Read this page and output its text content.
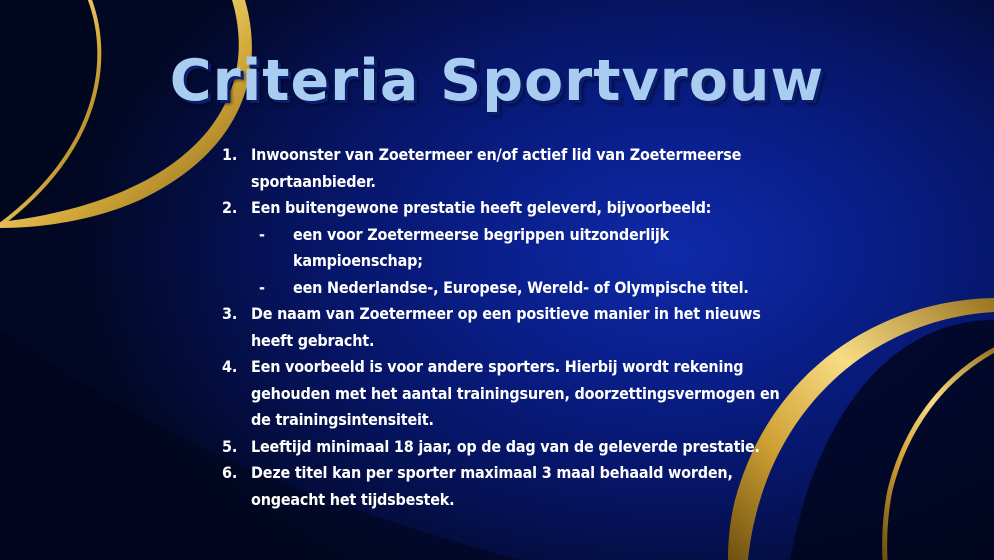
Criteria Sportvrouw
1. Inwoonster van Zoetermeer en/of actief lid van Zoetermeerse sportaanbieder.
2. Een buitengewone prestatie heeft geleverd, bijvoorbeeld:
- een voor Zoetermeerse begrippen uitzonderlijk kampioenschap;
- een Nederlandse-, Europese, Wereld- of Olympische titel.
3. De naam van Zoetermeer op een positieve manier in het nieuws heeft gebracht.
4. Een voorbeeld is voor andere sporters. Hierbij wordt rekening gehouden met het aantal trainingsuren, doorzettingsvermogen en de trainingsintensiteit.
5. Leeftijd minimaal 18 jaar, op de dag van de geleverde prestatie.
6. Deze titel kan per sporter maximaal 3 maal behaald worden, ongeacht het tijdsbestek.
